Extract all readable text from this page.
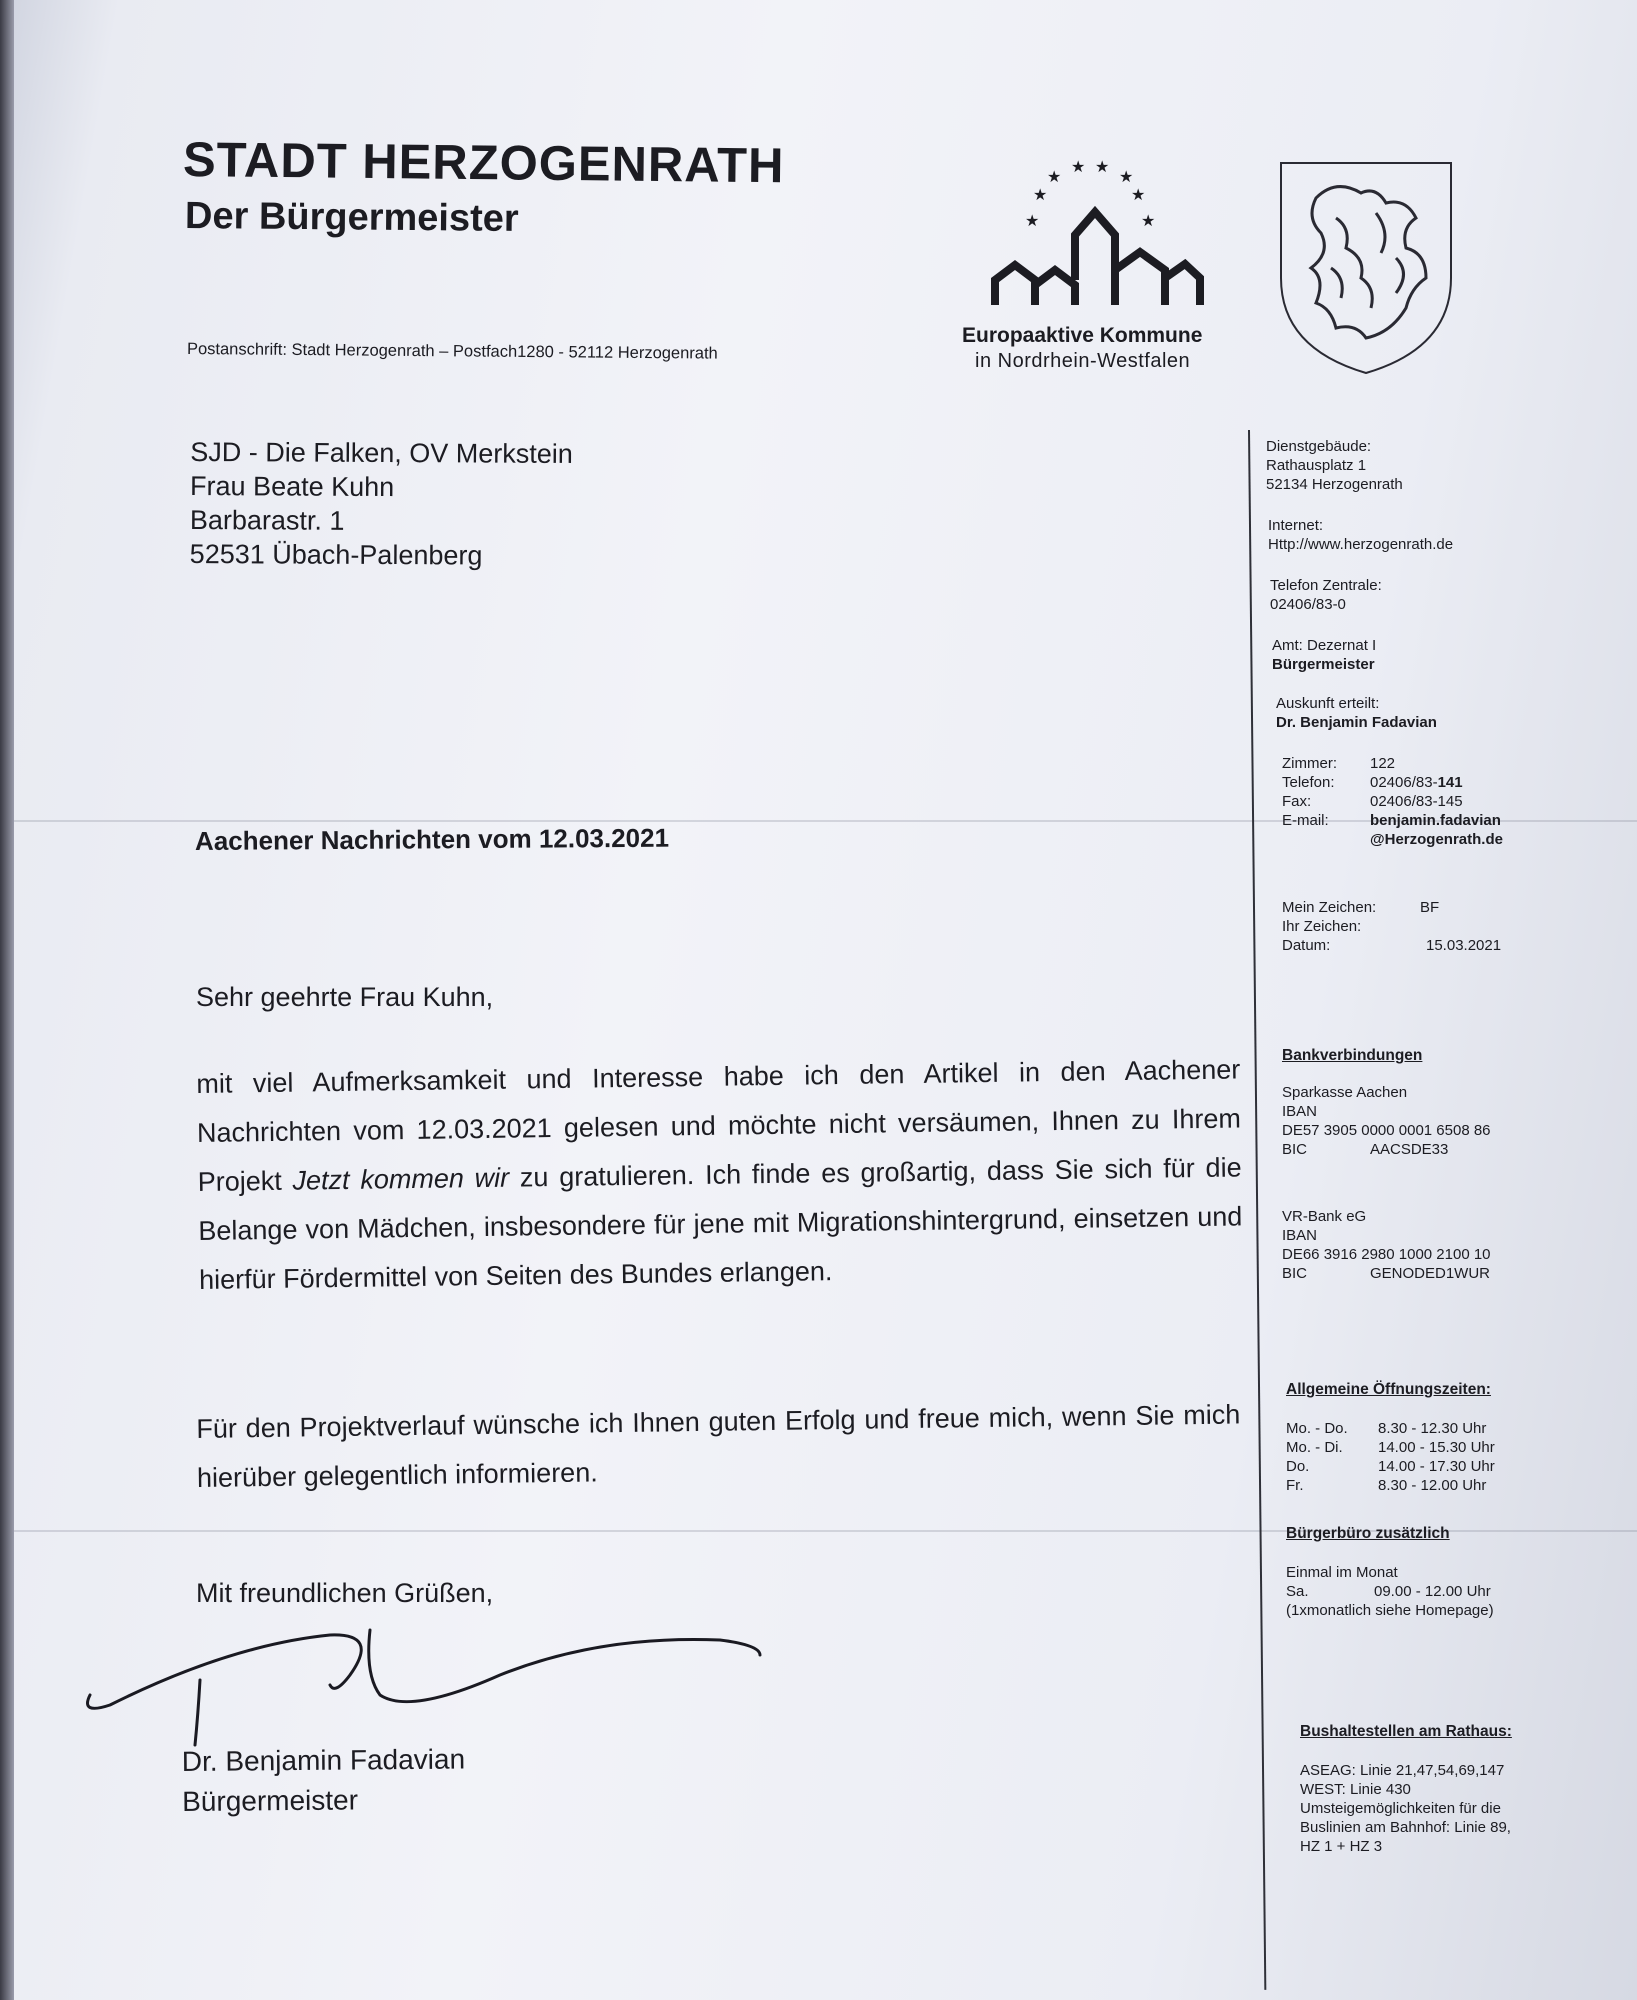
STADT HERZOGENRATH
Der Bürgermeister
Postanschrift: Stadt Herzogenrath – Postfach1280 - 52112 Herzogenrath
★
★
★ ★
★
★
★	★
Europaaktive Kommune
in Nordrhein-Westfalen
SJD - Die Falken, OV Merkstein
Frau Beate Kuhn
Barbarastr. 1
52531 Übach-Palenberg
Aachener Nachrichten vom 12.03.2021
Sehr geehrte Frau Kuhn,
mit viel Aufmerksamkeit und Interesse habe ich den Artikel in den Aachener Nachrichten vom 12.03.2021 gelesen und möchte nicht versäumen, Ihnen zu Ihrem Projekt Jetzt kommen wir zu gratulieren. Ich finde es großartig, dass Sie sich für die Belange von Mädchen, insbesondere für jene mit Migrationshintergrund, einsetzen und hierfür Fördermittel von Seiten des Bundes erlangen.
Für den Projektverlauf wünsche ich Ihnen guten Erfolg und freue mich, wenn Sie mich hierüber gelegentlich informieren.
Mit freundlichen Grüßen,
Dr. Benjamin Fadavian
Bürgermeister
Dienstgebäude:
Rathausplatz 1
52134 Herzogenrath
Internet:
Http://www.herzogenrath.de
Telefon Zentrale:
02406/83-0
Amt: Dezernat I
Bürgermeister
Auskunft erteilt:
Dr. Benjamin Fadavian
Zimmer:	122
Telefon:	02406/83-141
Fax:	02406/83-145
E-mail:	benjamin.fadavian
@Herzogenrath.de
Mein Zeichen:	BF
Ihr Zeichen:
Datum:	15.03.2021
Bankverbindungen
Sparkasse Aachen
IBAN
DE57 3905 0000 0001 6508 86
BIC	AACSDE33
VR-Bank eG
IBAN
DE66 3916 2980 1000 2100 10
BIC	GENODED1WUR
Allgemeine Öffnungszeiten:
Mo. - Do.	8.30 - 12.30 Uhr
Mo. - Di.	14.00 - 15.30 Uhr
Do.	14.00 - 17.30 Uhr
Fr.	8.30 - 12.00 Uhr
Bürgerbüro zusätzlich
Einmal im Monat
Sa.	09.00 - 12.00 Uhr
(1xmonatlich siehe Homepage)
Bushaltestellen am Rathaus:
ASEAG: Linie 21,47,54,69,147
WEST: Linie 430
Umsteigemöglichkeiten für die
Buslinien am Bahnhof: Linie 89,
HZ 1 + HZ 3
